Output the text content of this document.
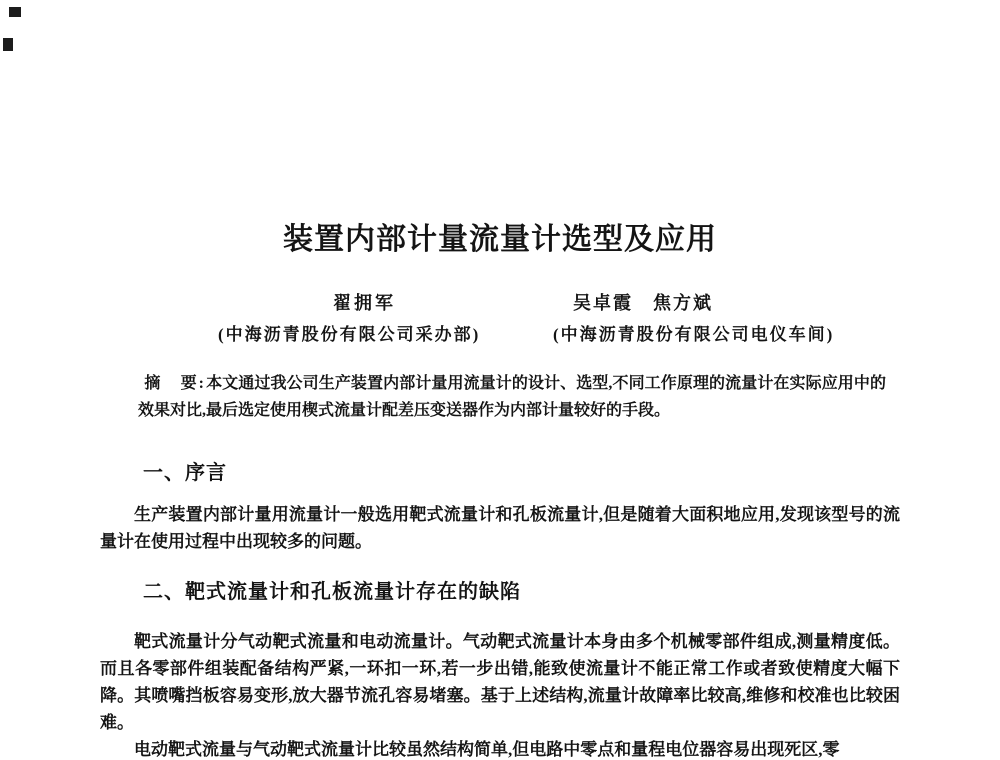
装置内部计量流量计选型及应用
翟拥军	吴卓霞　焦方斌
(中海沥青股份有限公司采办部)	(中海沥青股份有限公司电仪车间)

摘　要:本文通过我公司生产装置内部计量用流量计的设计、选型,不同工作原理的流量计在实际应用中的效果对比,最后选定使用楔式流量计配差压变送器作为内部计量较好的手段。

一、序言

生产装置内部计量用流量计一般选用靶式流量计和孔板流量计,但是随着大面积地应用,发现该型号的流量计在使用过程中出现较多的问题。

二、靶式流量计和孔板流量计存在的缺陷

靶式流量计分气动靶式流量和电动流量计。气动靶式流量计本身由多个机械零部件组成,测量精度低。而且各零部件组装配备结构严紧,一环扣一环,若一步出错,能致使流量计不能正常工作或者致使精度大幅下降。其喷嘴挡板容易变形,放大器节流孔容易堵塞。基于上述结构,流量计故障率比较高,维修和校准也比较困难。

电动靶式流量与气动靶式流量计比较虽然结构简单,但电路中零点和量程电位器容易出现死区,零
